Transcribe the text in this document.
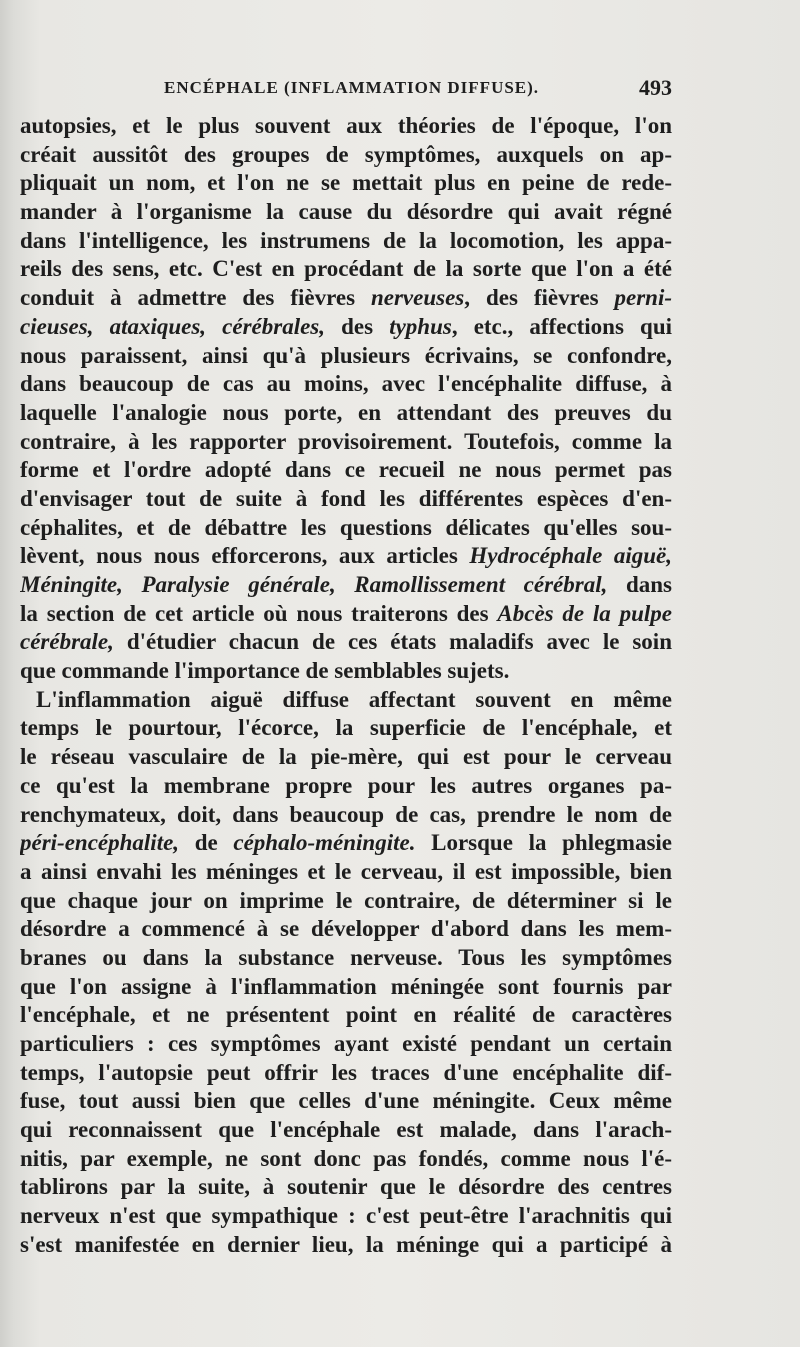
ENCÉPHALE (INFLAMMATION DIFFUSE).	493
autopsies, et le plus souvent aux théories de l'époque, l'on
créait aussitôt des groupes de symptômes, auxquels on ap-
pliquait un nom, et l'on ne se mettait plus en peine de rede-
mander à l'organisme la cause du désordre qui avait régné
dans l'intelligence, les instrumens de la locomotion, les appa-
reils des sens, etc. C'est en procédant de la sorte que l'on a été
conduit à admettre des fièvres nerveuses, des fièvres perni-
cieuses, ataxiques, cérébrales, des typhus, etc., affections qui
nous paraissent, ainsi qu'à plusieurs écrivains, se confondre,
dans beaucoup de cas au moins, avec l'encéphalite diffuse, à
laquelle l'analogie nous porte, en attendant des preuves du
contraire, à les rapporter provisoirement. Toutefois, comme la
forme et l'ordre adopté dans ce recueil ne nous permet pas
d'envisager tout de suite à fond les différentes espèces d'en-
céphalites, et de débattre les questions délicates qu'elles sou-
lèvent, nous nous efforcerons, aux articles Hydrocéphale aiguë,
Méningite, Paralysie générale, Ramollissement cérébral, dans
la section de cet article où nous traiterons des Abcès de la pulpe
cérébrale, d'étudier chacun de ces états maladifs avec le soin
que commande l'importance de semblables sujets.
L'inflammation aiguë diffuse affectant souvent en même
temps le pourtour, l'écorce, la superficie de l'encéphale, et
le réseau vasculaire de la pie-mère, qui est pour le cerveau
ce qu'est la membrane propre pour les autres organes pa-
renchymateux, doit, dans beaucoup de cas, prendre le nom de
péri-encéphalite, de céphalo-méningite. Lorsque la phlegmasie
a ainsi envahi les méninges et le cerveau, il est impossible, bien
que chaque jour on imprime le contraire, de déterminer si le
désordre a commencé à se développer d'abord dans les mem-
branes ou dans la substance nerveuse. Tous les symptômes
que l'on assigne à l'inflammation méningée sont fournis par
l'encéphale, et ne présentent point en réalité de caractères
particuliers : ces symptômes ayant existé pendant un certain
temps, l'autopsie peut offrir les traces d'une encéphalite dif-
fuse, tout aussi bien que celles d'une méningite. Ceux même
qui reconnaissent que l'encéphale est malade, dans l'arach-
nitis, par exemple, ne sont donc pas fondés, comme nous l'é-
tablirons par la suite, à soutenir que le désordre des centres
nerveux n'est que sympathique : c'est peut-être l'arachnitis qui
s'est manifestée en dernier lieu, la méninge qui a participé à
